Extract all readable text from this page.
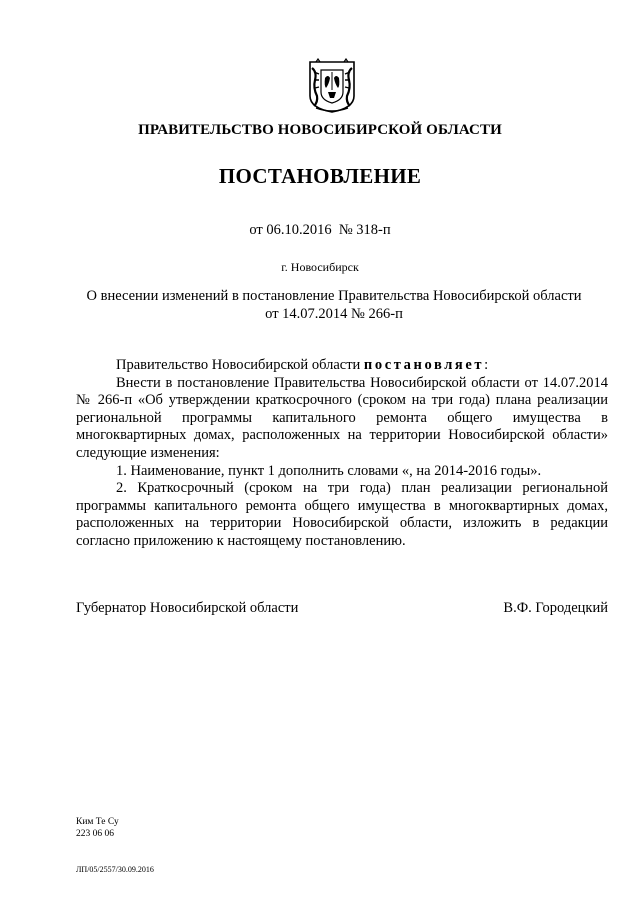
ПРАВИТЕЛЬСТВО НОВОСИБИРСКОЙ ОБЛАСТИ
ПОСТАНОВЛЕНИЕ
от 06.10.2016  № 318-п
г. Новосибирск
О внесении изменений в постановление Правительства Новосибирской области
от 14.07.2014 № 266-п

Правительство Новосибирской области постановляет:

Внести в постановление Правительства Новосибирской области от 14.07.2014 № 266-п «Об утверждении краткосрочного (сроком на три года) плана реализации региональной программы капитального ремонта общего имущества в многоквартирных домах, расположенных на территории Новосибирской области» следующие изменения:

1. Наименование, пункт 1 дополнить словами «, на 2014-2016 годы».

2. Краткосрочный (сроком на три года) план реализации региональной программы капитального ремонта общего имущества в многоквартирных домах, расположенных на территории Новосибирской области, изложить в редакции согласно приложению к настоящему постановлению.

Губернатор Новосибирской области	В.Ф. Городецкий
Ким Те Су
223 06 06
ЛП/05/2557/30.09.2016
